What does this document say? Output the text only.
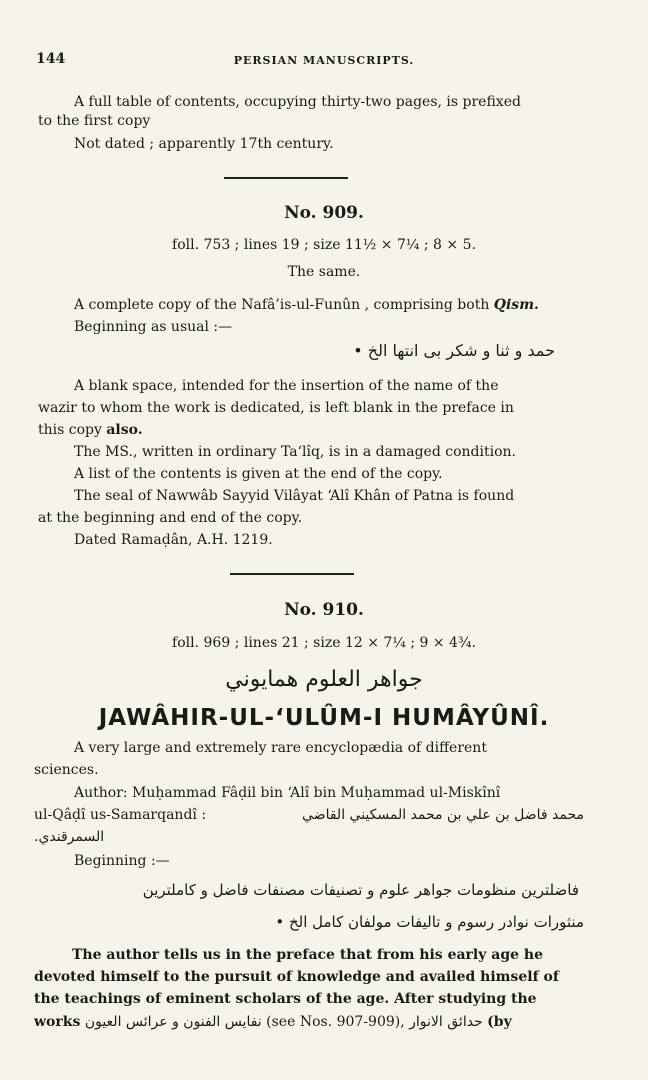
144	PERSIAN MANUSCRIPTS.
A full table of contents, occupying thirty-two pages, is prefixed
to the first copy
Not dated ; apparently 17th century.
No. 909.
foll. 753 ; lines 19 ; size 11½ × 7¼ ; 8 × 5.
The same.
A complete copy of the Nafâ’is-ul-Funûn , comprising both Qism.
Beginning as usual :—
حمد و ثنا و شکر بی انتها الخ •
A blank space, intended for the insertion of the name of the
wazir to whom the work is dedicated, is left blank in the preface in
this copy also.
The MS., written in ordinary Ta‘lîq, is in a damaged condition.
A list of the contents is given at the end of the copy.
The seal of Nawwâb Sayyid Vilâyat ‘Alî Khân of Patna is found
at the beginning and end of the copy.
Dated Ramaḍân, A.H. 1219.
No. 910.
foll. 969 ; lines 21 ; size 12 × 7¼ ; 9 × 4¾.
جواهر العلوم همايوني
JAWÂHIR-UL-‘ULÛM-I HUMÂYÛNÎ.
A very large and extremely rare encyclopædia of different
sciences.
Author: Muḥammad Fâḍil bin ‘Alî bin Muḥammad ul-Miskînî
ul-Qâḍî us-Samarqandî :	محمد فاضل بن علي بن محمد المسكيني القاضي
السمرقندي.
Beginning :—
فاضلترين منظومات جواهر علوم و تصنيفات مصنفات فاضل و کاملترين
منثورات نوادر رسوم و تاليفات مولفان کامل الخ •
The author tells us in the preface that from his early age he
devoted himself to the pursuit of knowledge and availed himself of
the teachings of eminent scholars of the age. After studying the
works نفايس الفنون و عرائس العيون (see Nos. 907-909), حدائق الانوار (by
